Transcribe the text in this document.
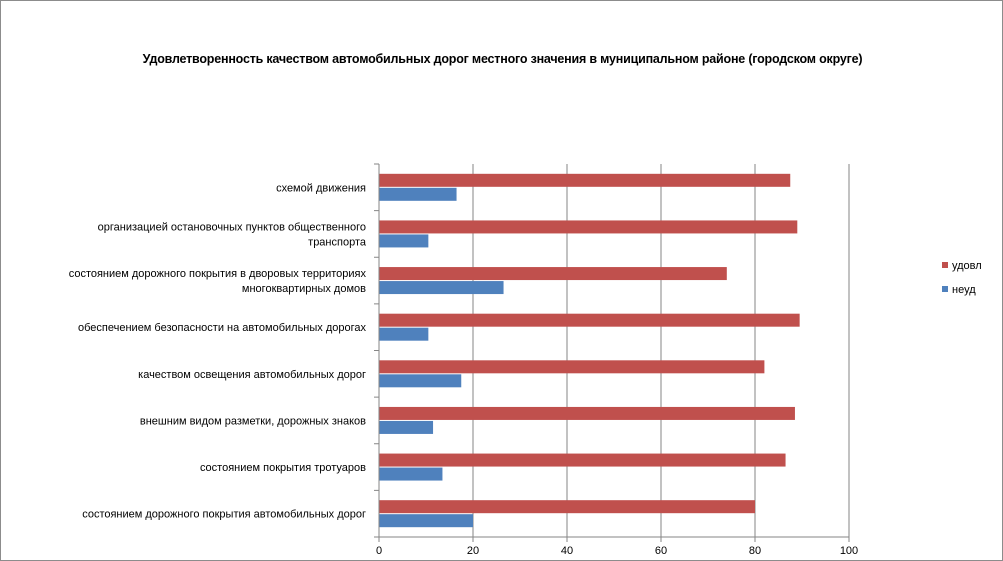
Удовлетворенность качеством автомобильных дорог местного значения в муниципальном районе (городском округе)
состоянием дорожного покрытия автомобильных дорог
состоянием покрытия тротуаров
внешним видом разметки, дорожных знаков
качеством освещения автомобильных дорог
обеспечением безопасности на автомобильных дорогах
состоянием дорожного покрытия в дворовых территориях многоквартирных домов
организацией остановочных пунктов общественного транспорта
схемой движения
0	20	40	60	80	100
удовл
неуд
